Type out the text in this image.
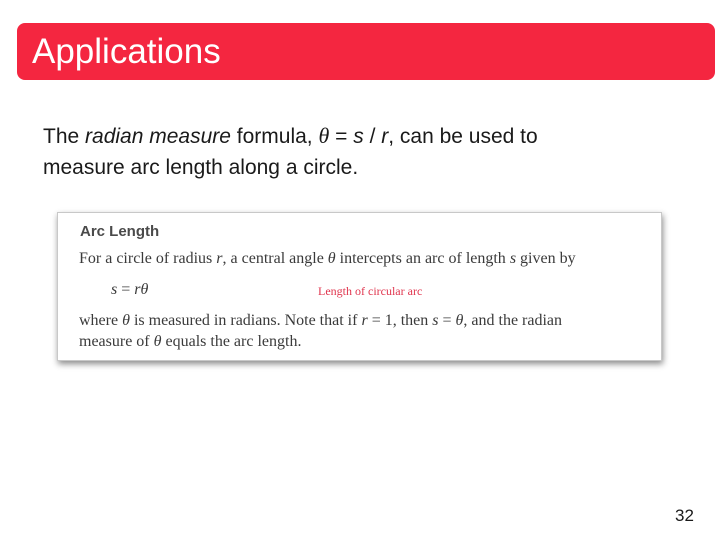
Applications
The radian measure formula, θ = s / r, can be used to
measure arc length along a circle.
Arc Length
For a circle of radius r, a central angle θ intercepts an arc of length s given by
s = rθ	Length of circular arc
where θ is measured in radians. Note that if r = 1, then s = θ, and the radian
measure of θ equals the arc length.
32
